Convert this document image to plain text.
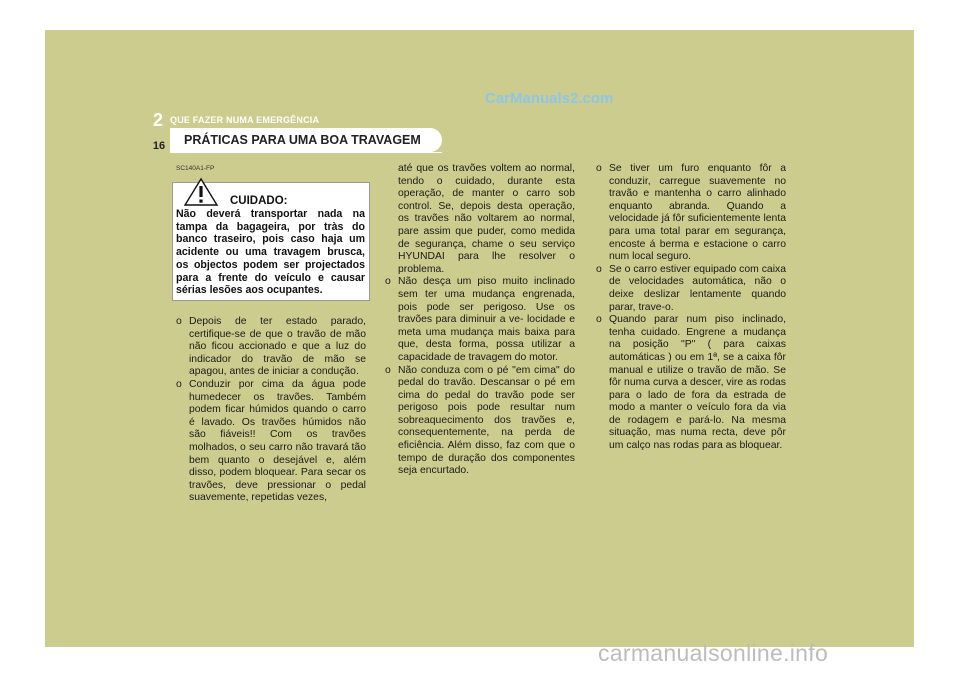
2 QUE FAZER NUMA EMERGÊNCIA
CarManuals2.com
16	PRÁTICAS PARA UMA BOA TRAVAGEM
SC140A1-FP
CUIDADO:
Não deverá transportar nada na tampa da bagageira, por tràs do banco traseiro, pois caso haja um acidente ou uma travagem brusca, os objectos podem ser projectados para a frente do veículo e causar sérias lesões aos ocupantes.
o Depois de ter estado parado, certifique-se de que o travão de mão não ficou accionado e que a luz do indicador do travão de mão se apagou, antes de iniciar a condução.
o Conduzir por cima da água pode humedecer os travões. Também podem ficar húmidos quando o carro é lavado. Os travões húmidos não são fiáveis!! Com os travões molhados, o seu carro não travará tão bem quanto o desejável e, além disso, podem bloquear. Para secar os travões, deve pressionar o pedal suavemente, repetidas vezes,
até que os travões voltem ao normal, tendo o cuidado, durante esta operação, de manter o carro sob control. Se, depois desta operação, os travões não voltarem ao normal, pare assim que puder, como medida de segurança, chame o seu serviço HYUNDAI para lhe resolver o problema.
o Não desça um piso muito inclinado sem ter uma mudança engrenada, pois pode ser perigoso. Use os travões para diminuir a ve- locidade e meta uma mudança mais baixa para que, desta forma, possa utilizar a capacidade de travagem do motor.
o Não conduza com o pé "em cima" do pedal do travão. Descansar o pé em cima do pedal do travão pode ser perigoso pois pode resultar num sobreaquecimento dos travões e, consequentemente, na perda de eficiência. Além disso, faz com que o tempo de duração dos componentes seja encurtado.
o Se tiver um furo enquanto fôr a conduzir, carregue suavemente no travão e mantenha o carro alinhado enquanto abranda. Quando a velocidade já fôr suficientemente lenta para uma total parar em segurança, encoste á berma e estacione o carro num local seguro.
o Se o carro estiver equipado com caixa de velocidades automática, não o deixe deslizar lentamente quando parar, trave-o.
o Quando parar num piso inclinado, tenha cuidado. Engrene a mudança na posição "P" ( para caixas automáticas ) ou em 1ª, se a caixa fôr manual e utilize o travão de mão. Se fôr numa curva a descer, vire as rodas para o lado de fora da estrada de modo a manter o veículo fora da via de rodagem e pará-lo. Na mesma situação, mas numa recta, deve pôr um calço nas rodas para as bloquear.
carmanualsonline.info
